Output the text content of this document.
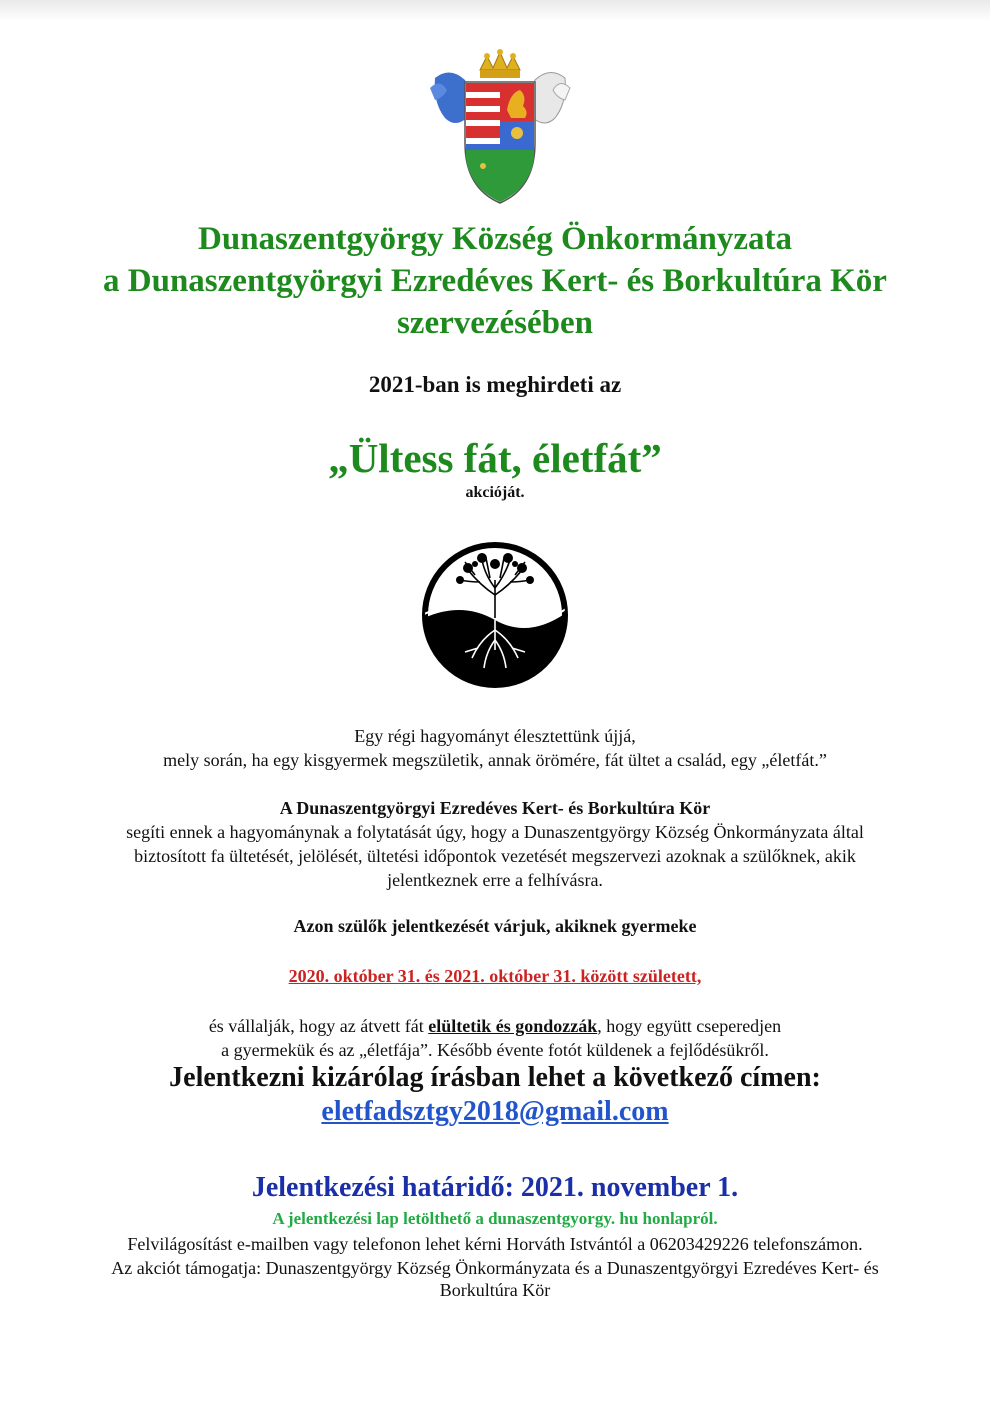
Dunaszentgyörgy Község Önkormányzata
a Dunaszentgyörgyi Ezredéves Kert- és Borkultúra Kör
szervezésében
2021-ban is meghirdeti az
„Ültess fát, életfát”
akcióját.
Egy régi hagyományt élesztettünk újjá,
mely során, ha egy kisgyermek megszületik, annak örömére, fát ültet a család, egy „életfát.”
A Dunaszentgyörgyi Ezredéves Kert- és Borkultúra Kör
segíti ennek a hagyománynak a folytatását úgy, hogy a Dunaszentgyörgy Község Önkormányzata által
biztosított fa ültetését, jelölését, ültetési időpontok vezetését megszervezi azoknak a szülőknek, akik
jelentkeznek erre a felhívásra.
Azon szülők jelentkezését várjuk, akiknek gyermeke
2020. október 31. és 2021. október 31. között született,
és vállalják, hogy az átvett fát elültetik és gondozzák, hogy együtt cseperedjen
a gyermekük és az „életfája”. Később évente fotót küldenek a fejlődésükről.
Jelentkezni kizárólag írásban lehet a következő címen:
eletfadsztgy2018@gmail.com
Jelentkezési határidő: 2021. november 1.
A jelentkezési lap letölthető a dunaszentgyorgy. hu honlapról.
Felvilágosítást e-mailben vagy telefonon lehet kérni Horváth Istvántól a 06203429226 telefonszámon.
Az akciót támogatja: Dunaszentgyörgy Község Önkormányzata és a Dunaszentgyörgyi Ezredéves Kert- és
Borkultúra Kör
